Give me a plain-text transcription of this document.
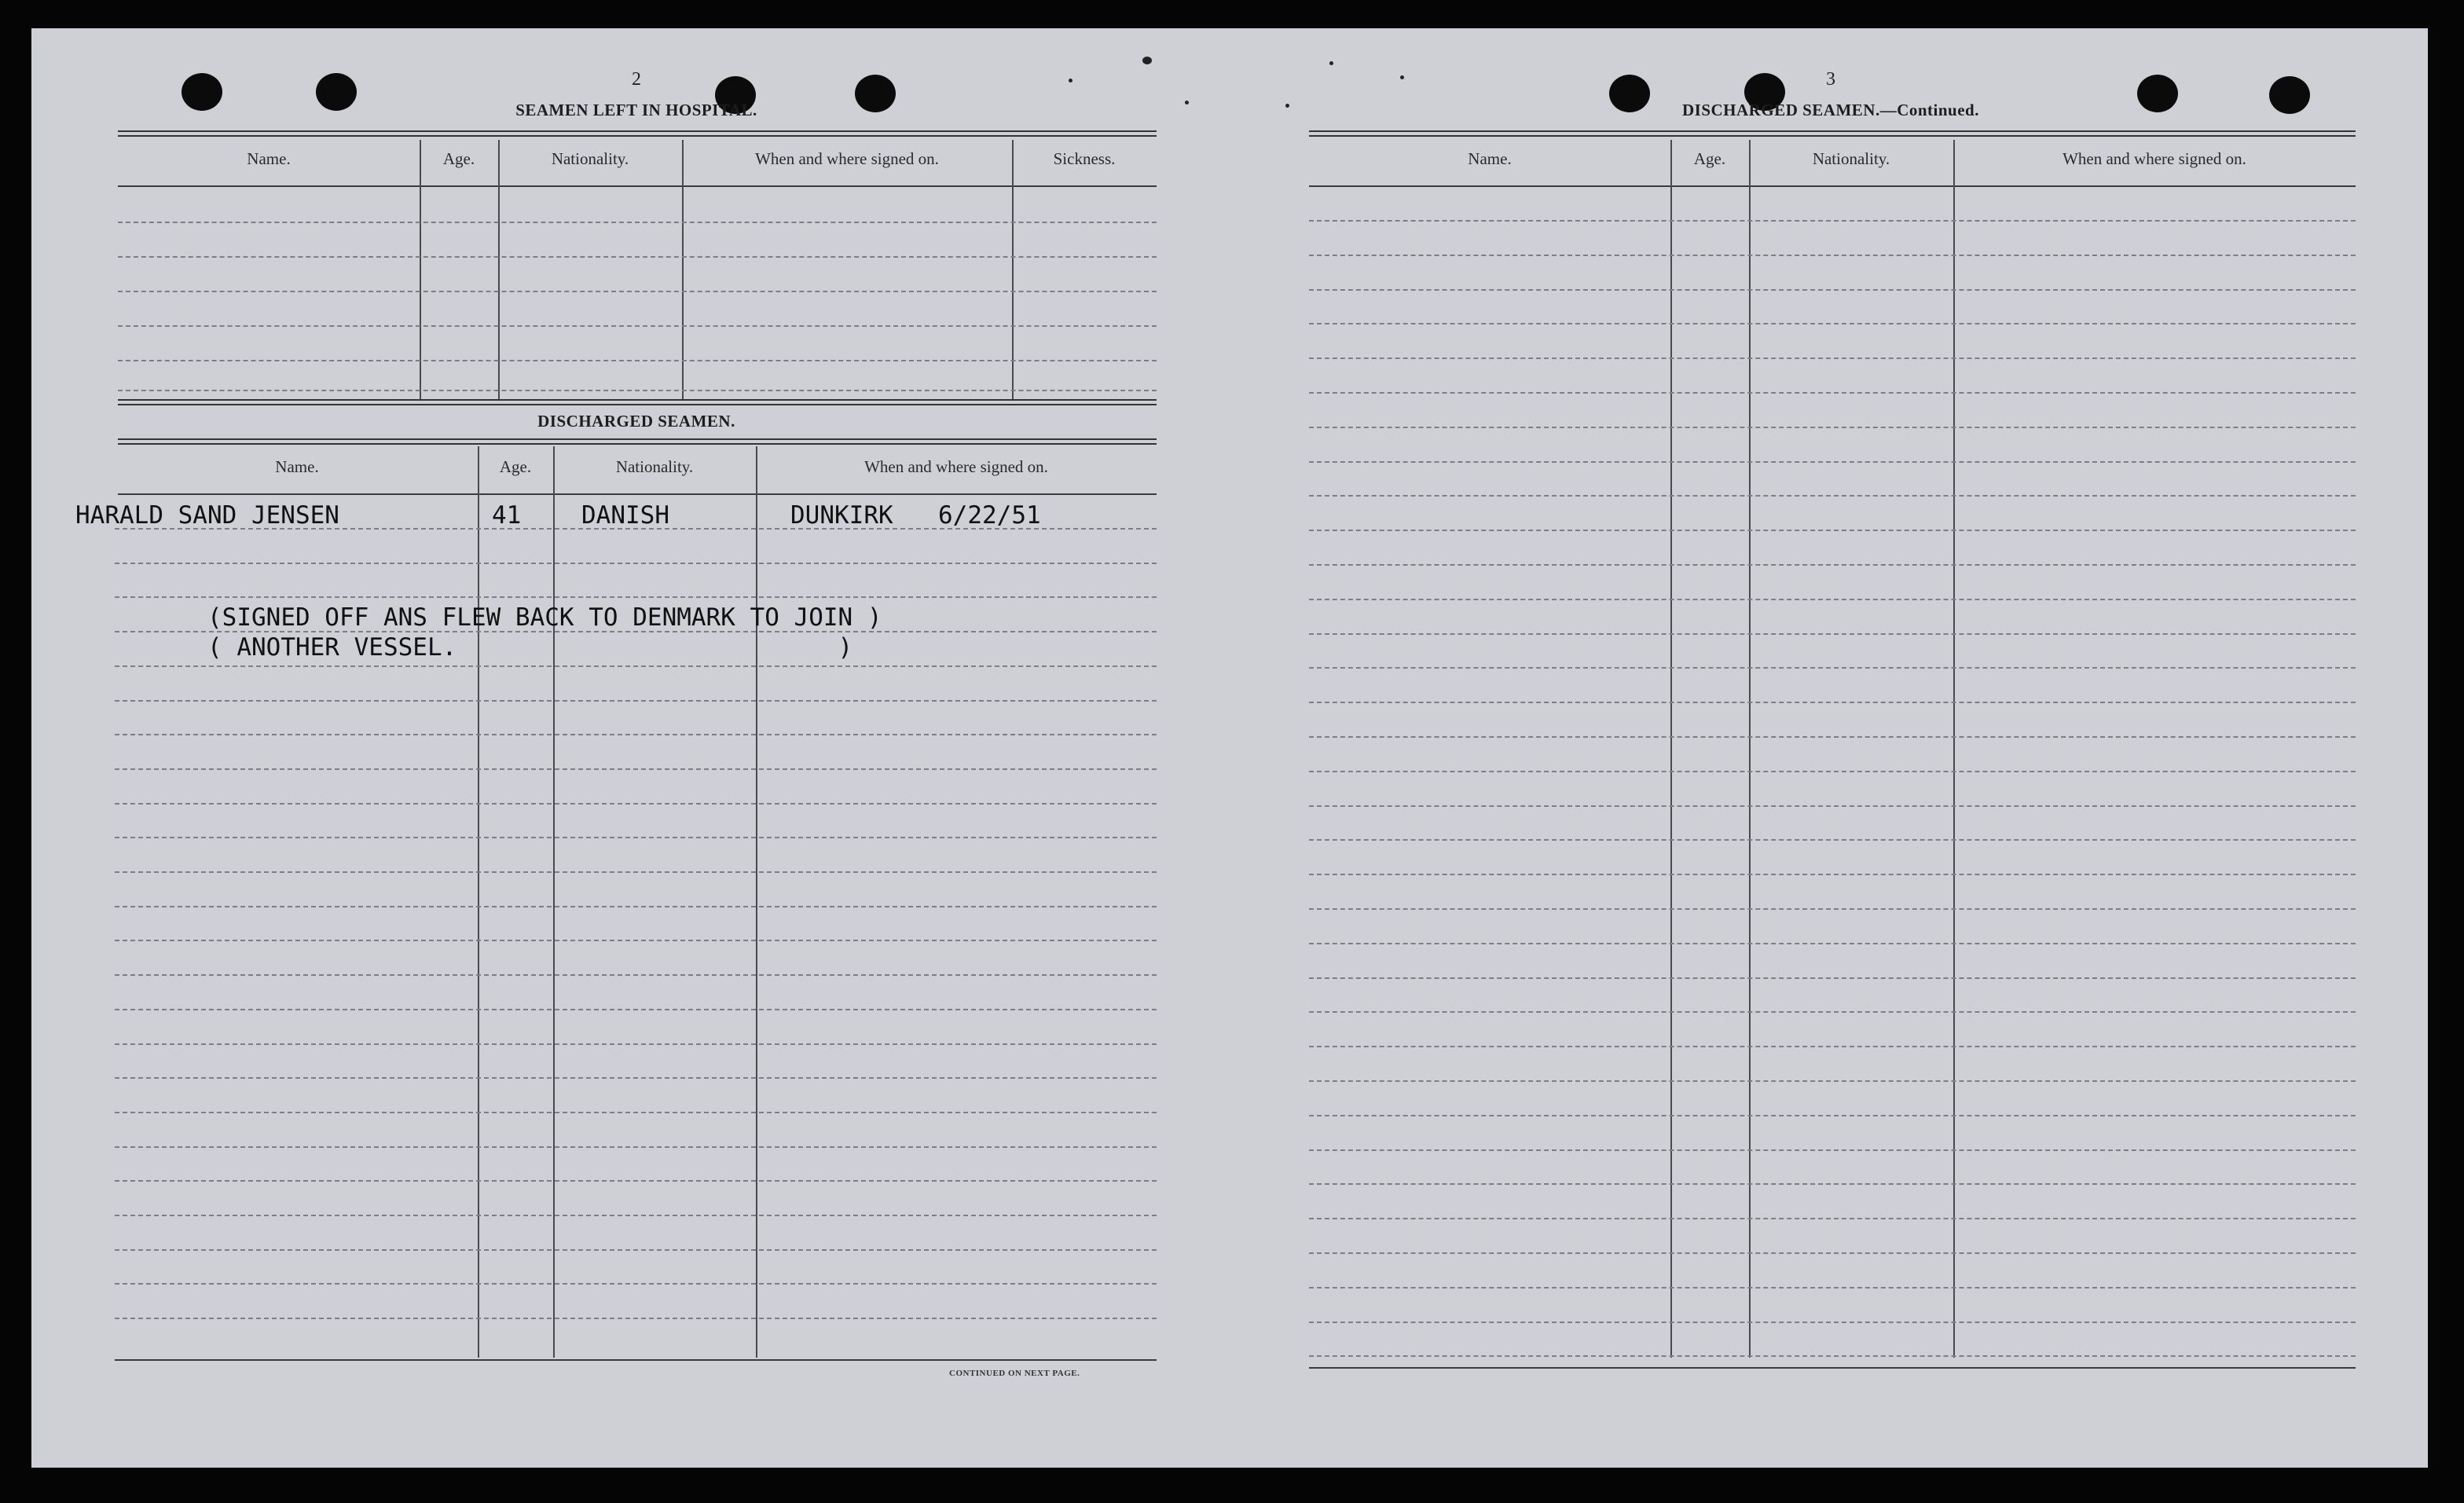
2
SEAMEN LEFT IN HOSPITAL.
Name.	Age.	Nationality.	When and where signed on.	Sickness.
DISCHARGED SEAMEN.
Name.	Age.	Nationality.	When and where signed on.
HARALD SAND JENSEN	41 DANISH	DUNKIRK 6/22/51
(SIGNED OFF ANS FLEW BACK TO DENMARK TO JOIN )
( ANOTHER VESSEL.                          )
CONTINUED ON NEXT PAGE.
3
DISCHARGED SEAMEN.—Continued.
Name.	Age.	Nationality.	When and where signed on.
